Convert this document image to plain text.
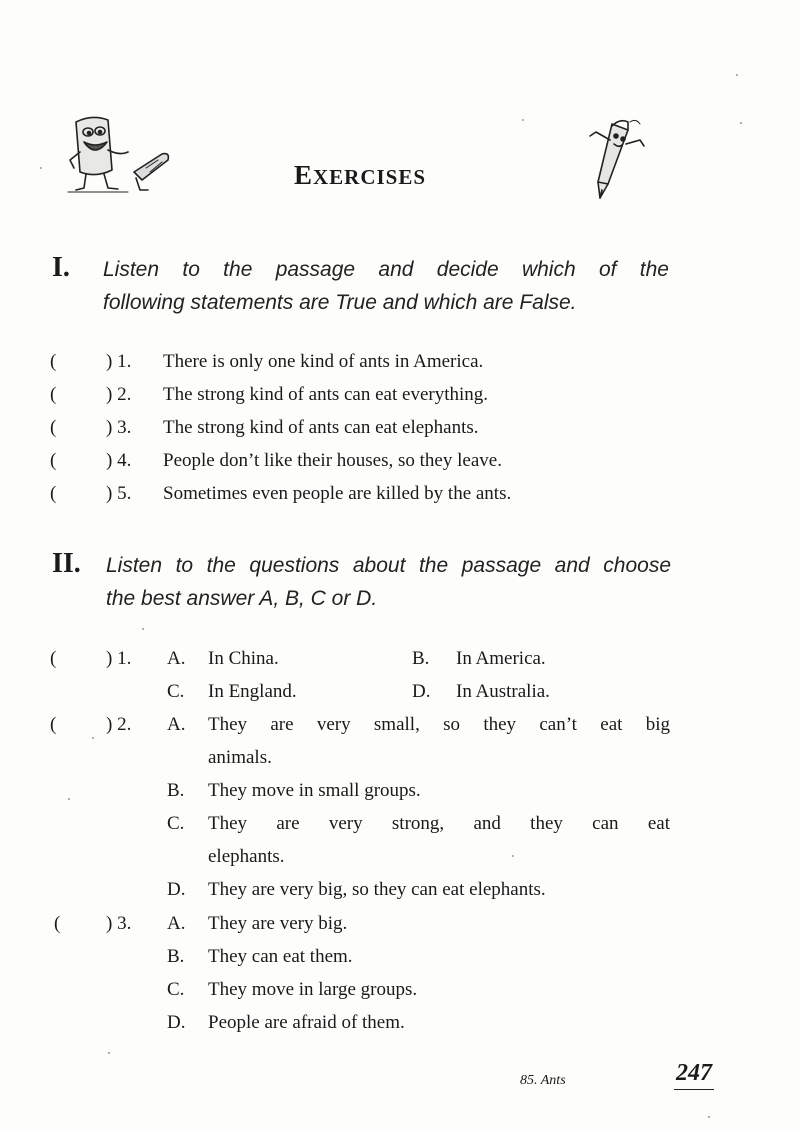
EXERCISES
I. Listen to the passage and decide which of the
following statements are True and which are False.
(	) 1. There is only one kind of ants in America.
(	) 2. The strong kind of ants can eat everything.
(	) 3. The strong kind of ants can eat elephants.
(	) 4. People don’t like their houses, so they leave.
(	) 5. Sometimes even people are killed by the ants.
II. Listen to the questions about the passage and choose
the best answer A, B, C or D.
(	) 1. A. In China.	B. In America.
C. In England.	D. In Australia.
(	) 2. A. They are very small, so they can’t eat big
animals.
B. They move in small groups.
C. They are very strong, and they can eat
elephants.
D. They are very big, so they can eat elephants.
( ) 3. A. They are very big.
B. They can eat them.
C. They move in large groups.
D. People are afraid of them.
85. Ants	247
